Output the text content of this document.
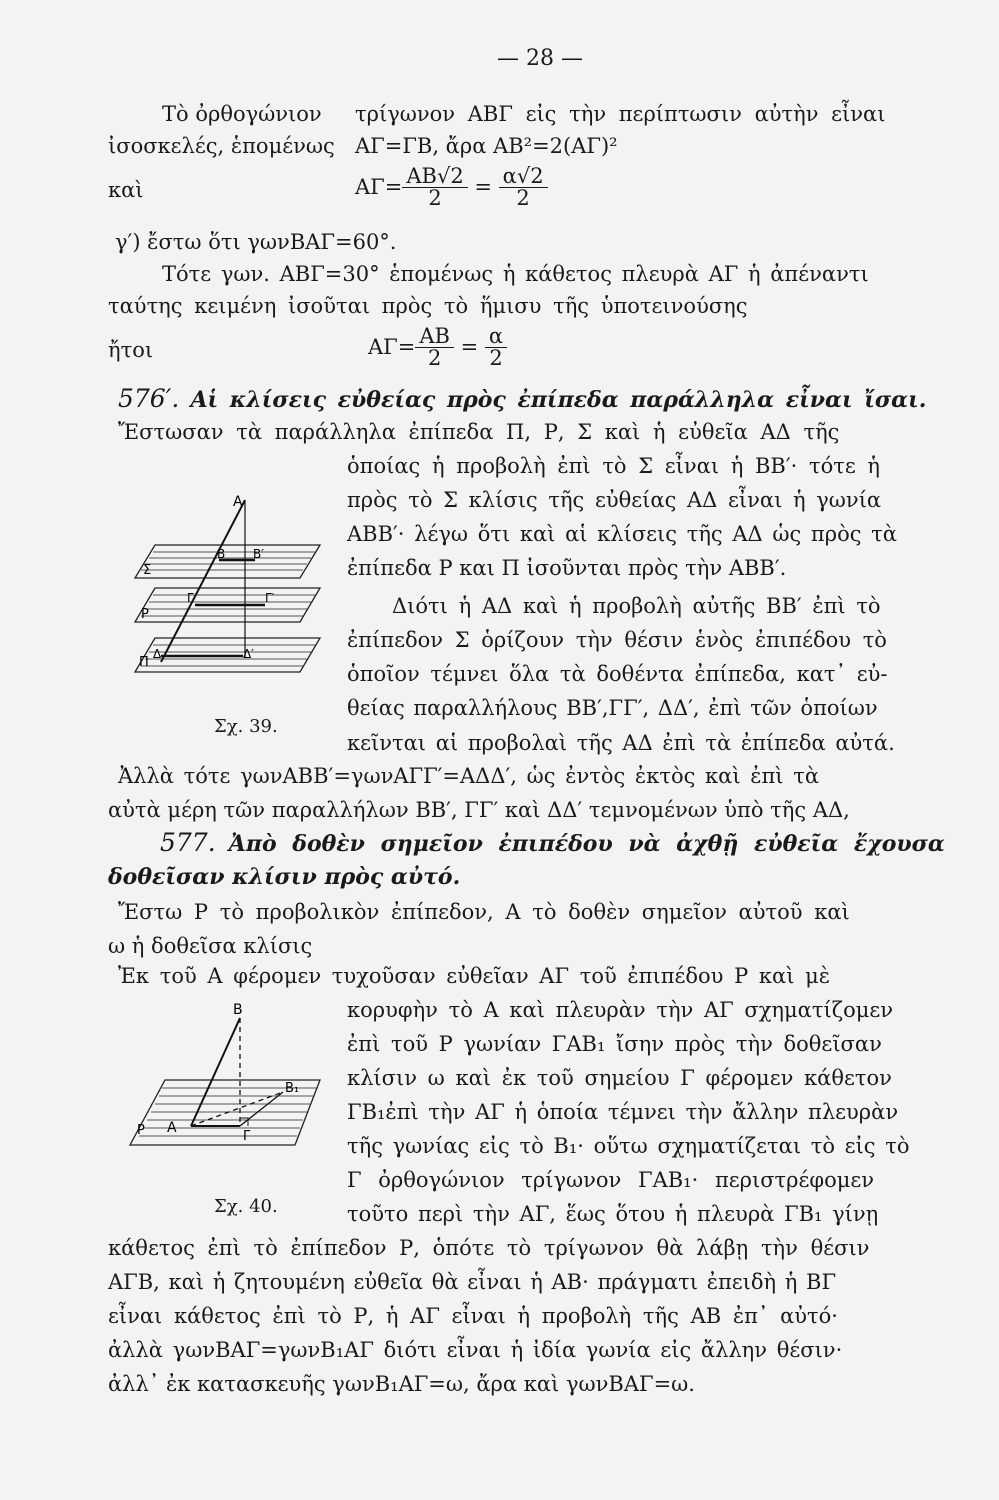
— 28 —
Τὸ ὀρθογώνιον τρίγωνον ΑΒΓ εἰς τὴν περίπτωσιν αὐτὴν εἶναι
ἰσοσκελές, ἑπομένως ΑΓ=ΓΒ, ἄρα ΑΒ²=2(ΑΓ)²
καὶ	$A\Gamma= \frac{AB√2}{2} = \frac{\alpha√2}{2}$
γ′) ἔστω ὅτι γωνΒΑΓ=60°.
Τότε γων. ΑΒΓ=30° ἑπομένως ἡ κάθετος πλευρὰ ΑΓ ἡ ἀπέναντι
ταύτης κειμένη ἰσοῦται πρὸς τὸ ἥμισυ τῆς ὑποτεινούσης
ἤτοι	$A\Gamma= \frac{AB}{2} = \frac{\alpha}{2}$
576′. Αἱ κλίσεις εὐθείας πρὸς ἐπίπεδα παράλληλα εἶναι ἴσαι.
Ἔστωσαν τὰ παράλληλα ἐπίπεδα Π, Ρ, Σ καὶ ἡ εὐθεῖα ΑΔ τῆς
ὁποίας ἡ προβολὴ ἐπὶ τὸ Σ εἶναι ἡ ΒΒ′· τότε ἡ
πρὸς τὸ Σ κλίσις τῆς εὐθείας ΑΔ εἶναι ἡ γωνία
ΑΒΒ′· λέγω ὅτι καὶ αἱ κλίσεις τῆς ΑΔ ὡς πρὸς τὰ
ἐπίπεδα Ρ και Π ἰσοῦνται πρὸς τὴν ΑΒΒ′.
Διότι ἡ ΑΔ καὶ ἡ προβολὴ αὐτῆς ΒΒ′ ἐπὶ τὸ
ἐπίπεδον Σ ὁρίζουν τὴν θέσιν ἑνὸς ἐπιπέδου τὸ
ὁποῖον τέμνει ὅλα τὰ δοθέντα ἐπίπεδα, κατ᾿ εὐ-
θείας παραλλήλους ΒΒ′,ΓΓ′, ΔΔ′, ἐπὶ τῶν ὁποίων
κεῖνται αἱ προβολαὶ τῆς ΑΔ ἐπὶ τὰ ἐπίπεδα αὐτά.
Ἀλλὰ τότε γωνΑΒΒ′=γωνΑΓΓ′=ΑΔΔ′, ὡς ἐντὸς ἐκτὸς καὶ ἐπὶ τὰ
αὐτὰ μέρη τῶν παραλλήλων ΒΒ′, ΓΓ′ καὶ ΔΔ′ τεμνομένων ὑπὸ τῆς ΑΔ,
Α
Β Β′
Σ
Γ	Γ′
Ρ
Δ	Δ′
Π
Σχ. 39.
577. Ἀπὸ δοθὲν σημεῖον ἐπιπέδου νὰ ἀχθῇ εὐθεῖα ἔχουσα
δοθεῖσαν κλίσιν πρὸς αὐτό.
Ἔστω Ρ τὸ προβολικὸν ἐπίπεδον, Α τὸ δοθὲν σημεῖον αὐτοῦ καὶ
ω ἡ δοθεῖσα κλίσις
Ἐκ τοῦ Α φέρομεν τυχοῦσαν εὐθεῖαν ΑΓ τοῦ ἐπιπέδου Ρ καὶ μὲ
κορυφὴν τὸ Α καὶ πλευρὰν τὴν ΑΓ σχηματίζομεν
ἐπὶ τοῦ Ρ γωνίαν ΓΑΒ₁ ἴσην πρὸς τὴν δοθεῖσαν
κλίσιν ω καὶ ἐκ τοῦ σημείου Γ φέρομεν κάθετον
ΓΒ₁ἐπὶ τὴν ΑΓ ἡ ὁποία τέμνει τὴν ἄλλην πλευρὰν
τῆς γωνίας εἰς τὸ Β₁· οὕτω σχηματίζεται τὸ εἰς τὸ
Γ ὀρθογώνιον τρίγωνον ΓΑΒ₁· περιστρέφομεν
τοῦτο περὶ τὴν ΑΓ, ἕως ὅτου ἡ πλευρὰ ΓΒ₁ γίνῃ
κάθετος ἐπὶ τὸ ἐπίπεδον Ρ, ὁπότε τὸ τρίγωνον θὰ λάβῃ τὴν θέσιν
ΑΓΒ, καὶ ἡ ζητουμένη εὐθεῖα θὰ εἶναι ἡ ΑΒ· πράγματι ἐπειδὴ ἡ ΒΓ
εἶναι κάθετος ἐπὶ τὸ Ρ, ἡ ΑΓ εἶναι ἡ προβολὴ τῆς ΑΒ ἐπ᾿ αὐτό·
ἀλλὰ γωνΒΑΓ=γωνΒ₁ΑΓ διότι εἶναι ἡ ἰδία γωνία εἰς ἄλλην θέσιν·
ἀλλ᾿ ἐκ κατασκευῆς γωνΒ₁ΑΓ=ω, ἄρα καὶ γωνΒΑΓ=ω.
Β
Β₁
Α
Γ
Ρ
Σχ. 40.
